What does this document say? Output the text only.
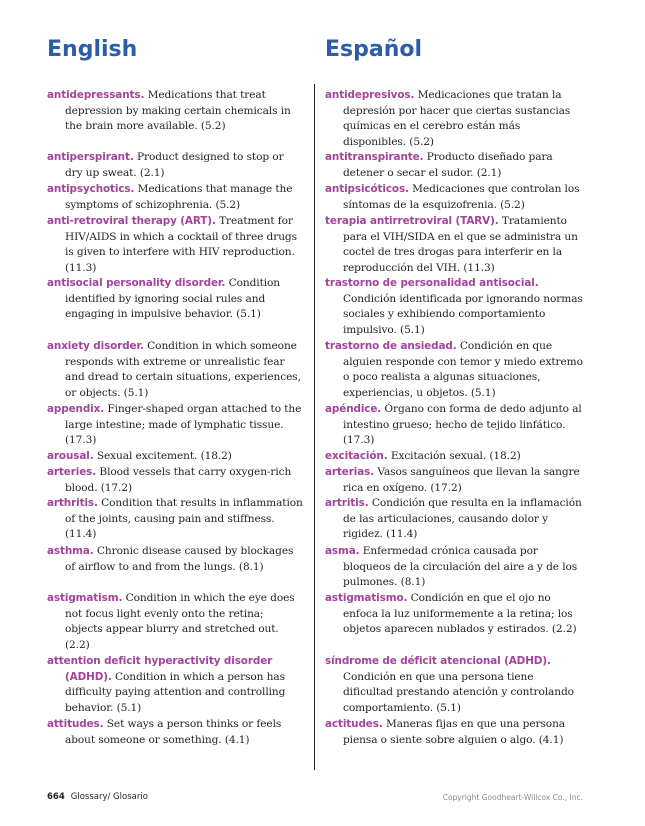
English
antidepressants. Medications that treat depression by making certain chemicals in the brain more available. (5.2)
antiperspirant. Product designed to stop or dry up sweat. (2.1)
antipsychotics. Medications that manage the symptoms of schizophrenia. (5.2)
anti-retroviral therapy (ART). Treatment for HIV/AIDS in which a cocktail of three drugs is given to interfere with HIV reproduction. (11.3)
antisocial personality disorder. Condition identified by ignoring social rules and engaging in impulsive behavior. (5.1)
anxiety disorder. Condition in which someone responds with extreme or unrealistic fear and dread to certain situations, experiences, or objects. (5.1)
appendix. Finger-shaped organ attached to the large intestine; made of lymphatic tissue. (17.3)
arousal. Sexual excitement. (18.2)
arteries. Blood vessels that carry oxygen-rich blood. (17.2)
arthritis. Condition that results in inflammation of the joints, causing pain and stiffness. (11.4)
asthma. Chronic disease caused by blockages of airflow to and from the lungs. (8.1)
astigmatism. Condition in which the eye does not focus light evenly onto the retina; objects appear blurry and stretched out. (2.2)
attention deficit hyperactivity disorder (ADHD). Condition in which a person has difficulty paying attention and controlling behavior. (5.1)
attitudes. Set ways a person thinks or feels about someone or something. (4.1)
Español
antidepresivos. Medicaciones que tratan la depresión por hacer que ciertas sustancias químicas en el cerebro están más disponibles. (5.2)
antitranspirante. Producto diseñado para detener o secar el sudor. (2.1)
antipsicóticos. Medicaciones que controlan los síntomas de la esquizofrenia. (5.2)
terapia antirretroviral (TARV). Tratamiento para el VIH/SIDA en el que se administra un coctel de tres drogas para interferir en la reproducción del VIH. (11.3)
trastorno de personalidad antisocial. Condición identificada por ignorando normas sociales y exhibiendo comportamiento impulsivo. (5.1)
trastorno de ansiedad. Condición en que alguien responde con temor y miedo extremo o poco realista a algunas situaciones, experiencias, u objetos. (5.1)
apéndice. Órgano con forma de dedo adjunto al intestino grueso; hecho de tejido linfático. (17.3)
excitación. Excitación sexual. (18.2)
arterias. Vasos sanguíneos que llevan la sangre rica en oxígeno. (17.2)
artritis. Condición que resulta en la inflamación de las articulaciones, causando dolor y rigidez. (11.4)
asma. Enfermedad crónica causada por bloqueos de la circulación del aire a y de los pulmones. (8.1)
astigmatismo. Condición en que el ojo no enfoca la luz uniformemente a la retina; los objetos aparecen nublados y estirados. (2.2)
síndrome de déficit atencional (ADHD). Condición en que una persona tiene dificultad prestando atención y controlando comportamiento. (5.1)
actitudes. Maneras fijas en que una persona piensa o siente sobre alguien o algo. (4.1)
664 Glossary/ Glosario	Copyright Goodheart-Willcox Co., Inc.
